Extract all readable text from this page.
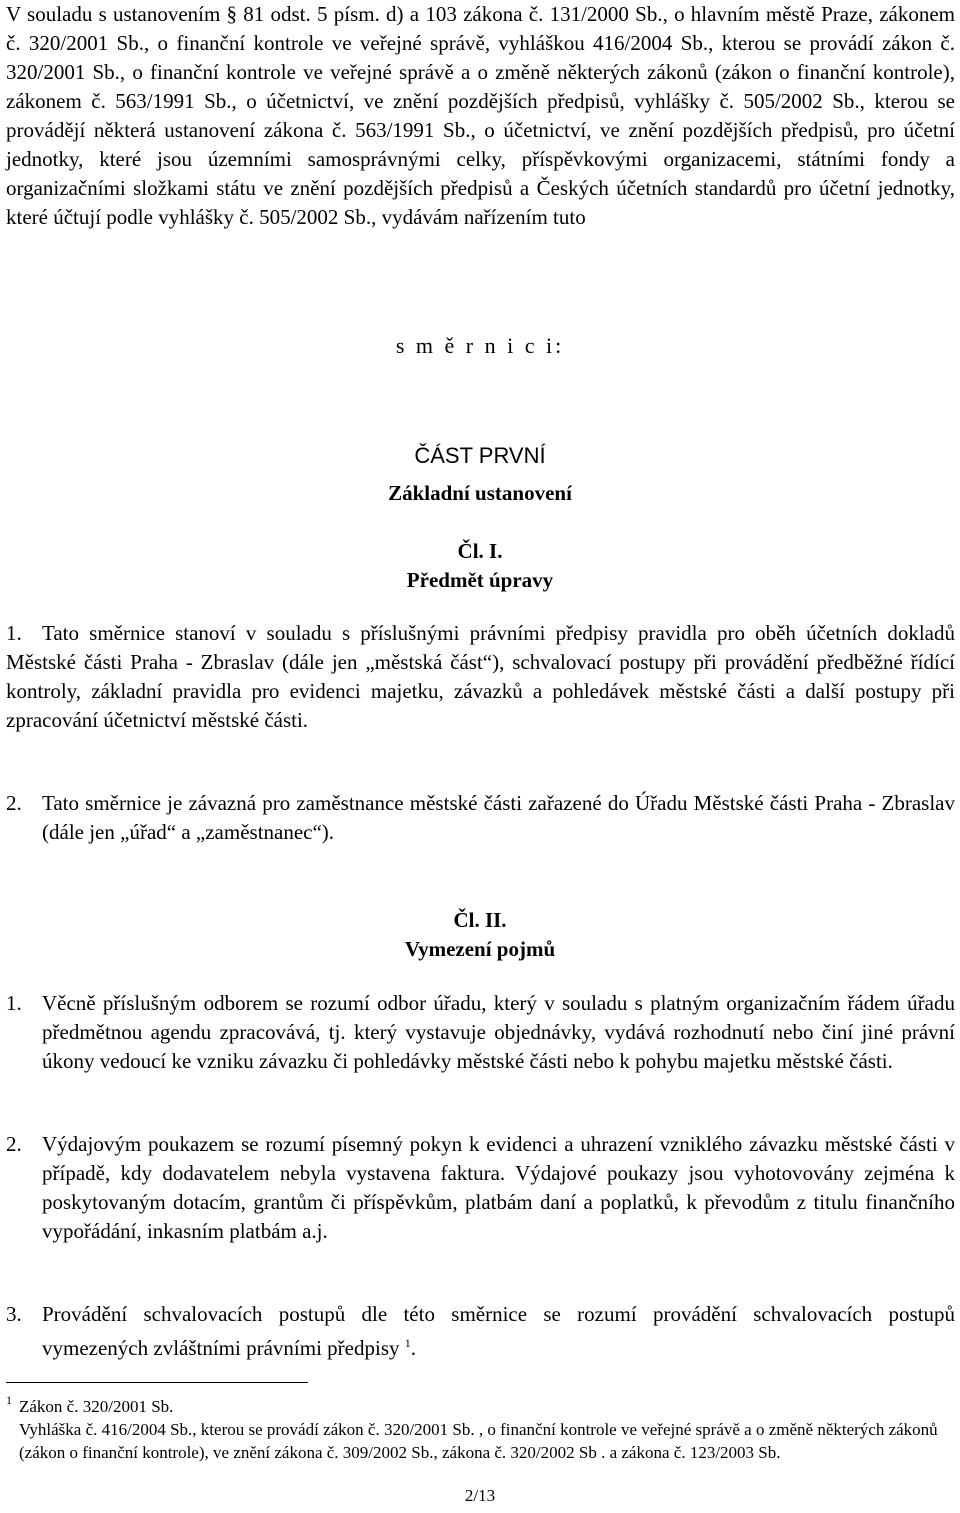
V souladu s ustanovením § 81 odst. 5 písm. d) a 103 zákona č. 131/2000 Sb., o hlavním městě Praze, zákonem č. 320/2001 Sb., o finanční kontrole ve veřejné správě, vyhláškou 416/2004 Sb., kterou se provádí zákon č. 320/2001 Sb., o finanční kontrole ve veřejné správě a o změně některých zákonů (zákon o finanční kontrole), zákonem č. 563/1991 Sb., o účetnictví, ve znění pozdějších předpisů, vyhlášky č. 505/2002 Sb., kterou se provádějí některá ustanovení zákona č. 563/1991 Sb., o účetnictví, ve znění pozdějších předpisů, pro účetní jednotky, které jsou územními samosprávnými celky, příspěvkovými organizacemi, státními fondy a organizačními složkami státu ve znění pozdějších předpisů a Českých účetních standardů pro účetní jednotky, které účtují podle vyhlášky č. 505/2002 Sb., vydávám nařízením tuto

s m ě r n i c i:

ČÁST PRVNÍ

Základní ustanovení

Čl. I.

Předmět úpravy

1. Tato směrnice stanoví v souladu s příslušnými právními předpisy pravidla pro oběh účetních dokladů Městské části Praha - Zbraslav (dále jen „městská část“), schvalovací postupy při provádění předběžné řídící kontroly, základní pravidla pro evidenci majetku, závazků a pohledávek městské části a další postupy při zpracování účetnictví městské části.

2. Tato směrnice je závazná pro zaměstnance městské části zařazené do Úřadu Městské části Praha - Zbraslav (dále jen „úřad“ a „zaměstnanec“).

Čl. II.

Vymezení pojmů

1. Věcně příslušným odborem se rozumí odbor úřadu, který v souladu s platným organizačním řádem úřadu předmětnou agendu zpracovává, tj. který vystavuje objednávky, vydává rozhodnutí nebo činí jiné právní úkony vedoucí ke vzniku závazku či pohledávky městské části nebo k pohybu majetku městské části.

2. Výdajovým poukazem se rozumí písemný pokyn k evidenci a uhrazení vzniklého závazku městské části v případě, kdy dodavatelem nebyla vystavena faktura. Výdajové poukazy jsou vyhotovovány zejména k poskytovaným dotacím, grantům či příspěvkům, platbám daní a poplatků, k převodům z titulu finančního vypořádání, inkasním platbám a.j.

3. Provádění schvalovacích postupů dle této směrnice se rozumí provádění schvalovacích postupů vymezených zvláštními právními předpisy $^1$.

1 Zákon č. 320/2001 Sb.
Vyhláška č. 416/2004 Sb., kterou se provádí zákon č. 320/2001 Sb. , o finanční kontrole ve veřejné správě a o změně některých zákonů (zákon o finanční kontrole), ve znění zákona č. 309/2002 Sb., zákona č. 320/2002 Sb . a zákona č. 123/2003 Sb.
2/13
